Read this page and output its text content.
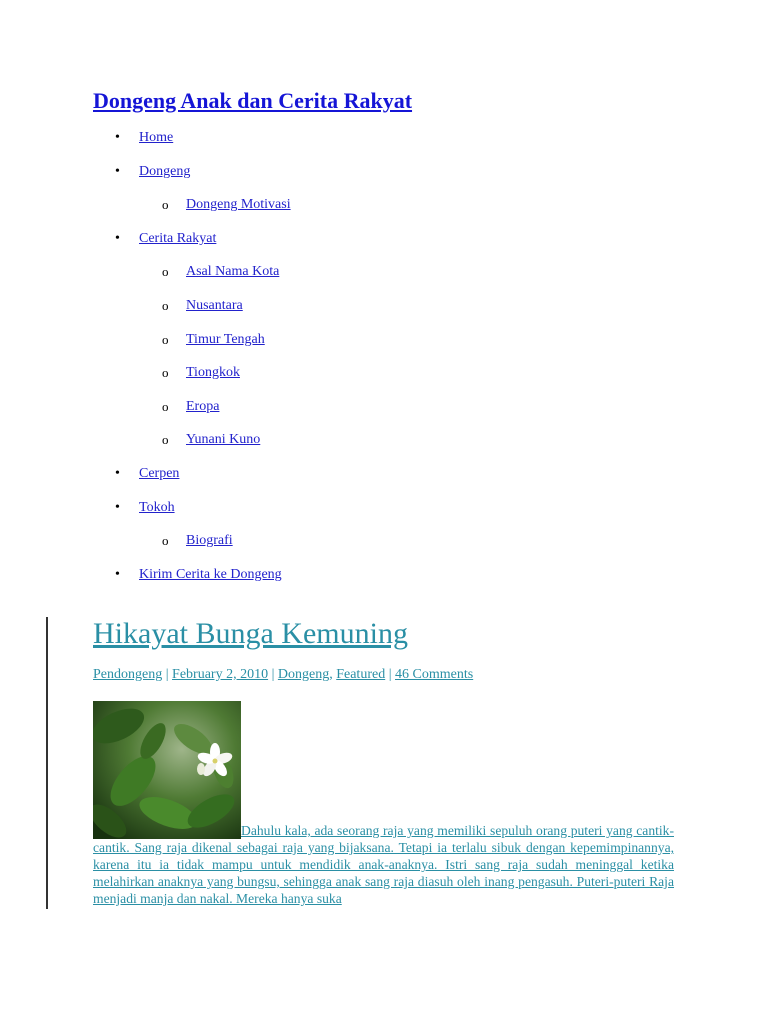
Dongeng Anak dan Cerita Rakyat
• Home
• Dongeng
o Dongeng Motivasi
• Cerita Rakyat
o Asal Nama Kota
o Nusantara
o Timur Tengah
o Tiongkok
o Eropa
o Yunani Kuno
• Cerpen
• Tokoh
o Biografi
• Kirim Cerita ke Dongeng
Hikayat Bunga Kemuning
Pendongeng | February 2, 2010 | Dongeng, Featured | 46 Comments

Dahulu kala, ada seorang raja yang memiliki sepuluh orang puteri yang cantik-cantik. Sang raja dikenal sebagai raja yang bijaksana. Tetapi ia terlalu sibuk dengan kepemimpinannya, karena itu ia tidak mampu untuk mendidik anak-anaknya. Istri sang raja sudah meninggal ketika melahirkan anaknya yang bungsu, sehingga anak sang raja diasuh oleh inang pengasuh. Puteri-puteri Raja menjadi manja dan nakal. Mereka hanya suka
